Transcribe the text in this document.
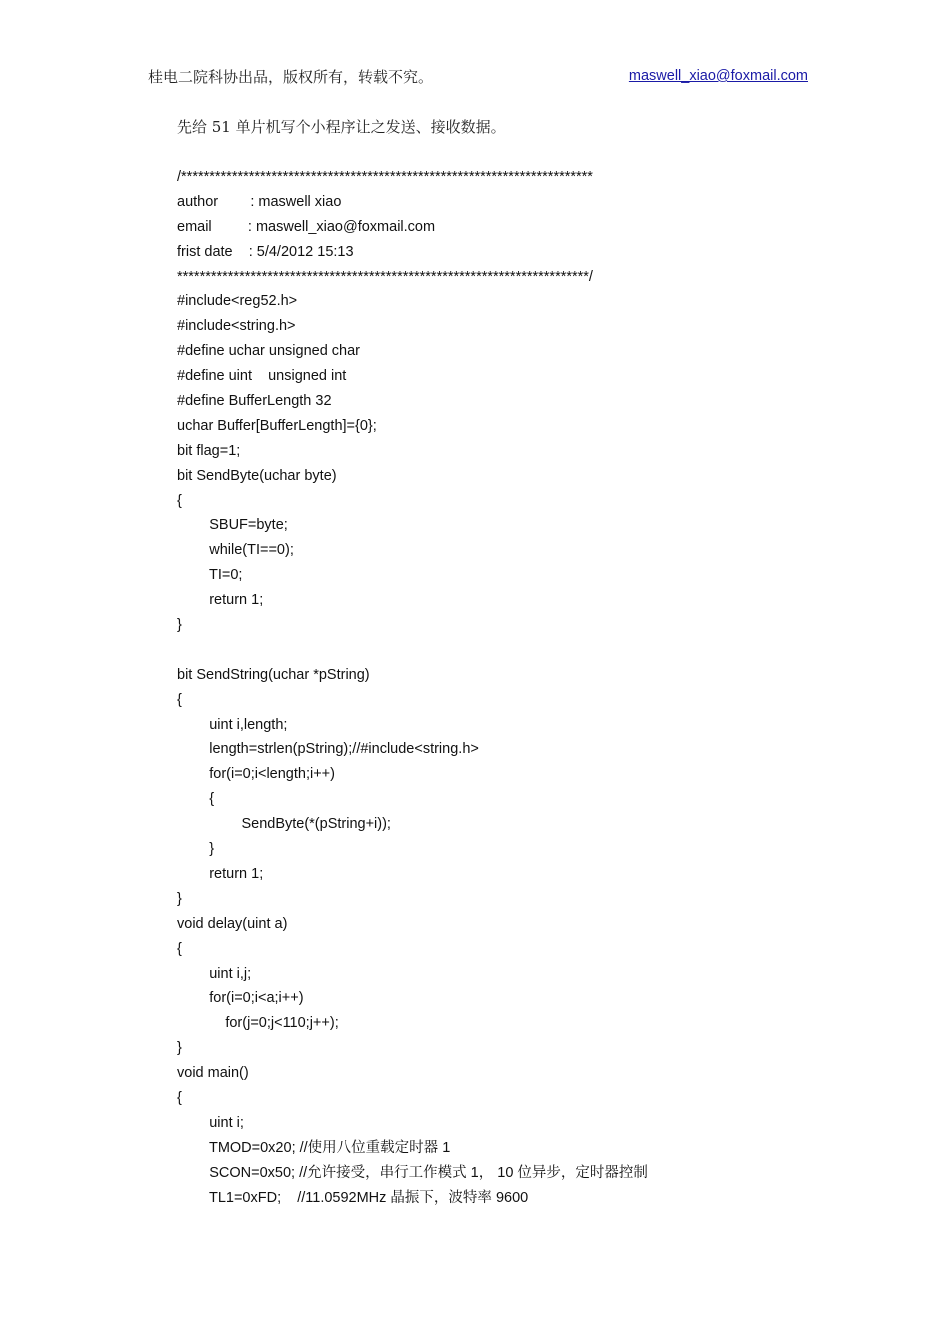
桂电二院科协出品，版权所有，转载不究。	maswell_xiao@foxmail.com
先给 51 单片机写个小程序让之发送、接收数据。
/*************************************************************************
author        : maswell xiao
email         : maswell_xiao@foxmail.com
frist date    : 5/4/2012 15:13
*************************************************************************/
#include<reg52.h>
#include<string.h>
#define uchar unsigned char
#define uint    unsigned int
#define BufferLength 32
uchar Buffer[BufferLength]={0};
bit flag=1;
bit SendByte(uchar byte)
{
SBUF=byte;
while(TI==0);
TI=0;
return 1;
}
bit SendString(uchar *pString)
{
uint i,length;
length=strlen(pString);//#include<string.h>
for(i=0;i<length;i++)
{
SendByte(*(pString+i));
}
return 1;
}
void delay(uint a)
{
uint i,j;
for(i=0;i<a;i++)
for(j=0;j<110;j++);
}
void main()
{
uint i;
TMOD=0x20; //使用八位重载定时器 1
SCON=0x50; //允许接受，串行工作模式 1， 10 位异步，定时器控制
TL1=0xFD;    //11.0592MHz 晶振下，波特率 9600
